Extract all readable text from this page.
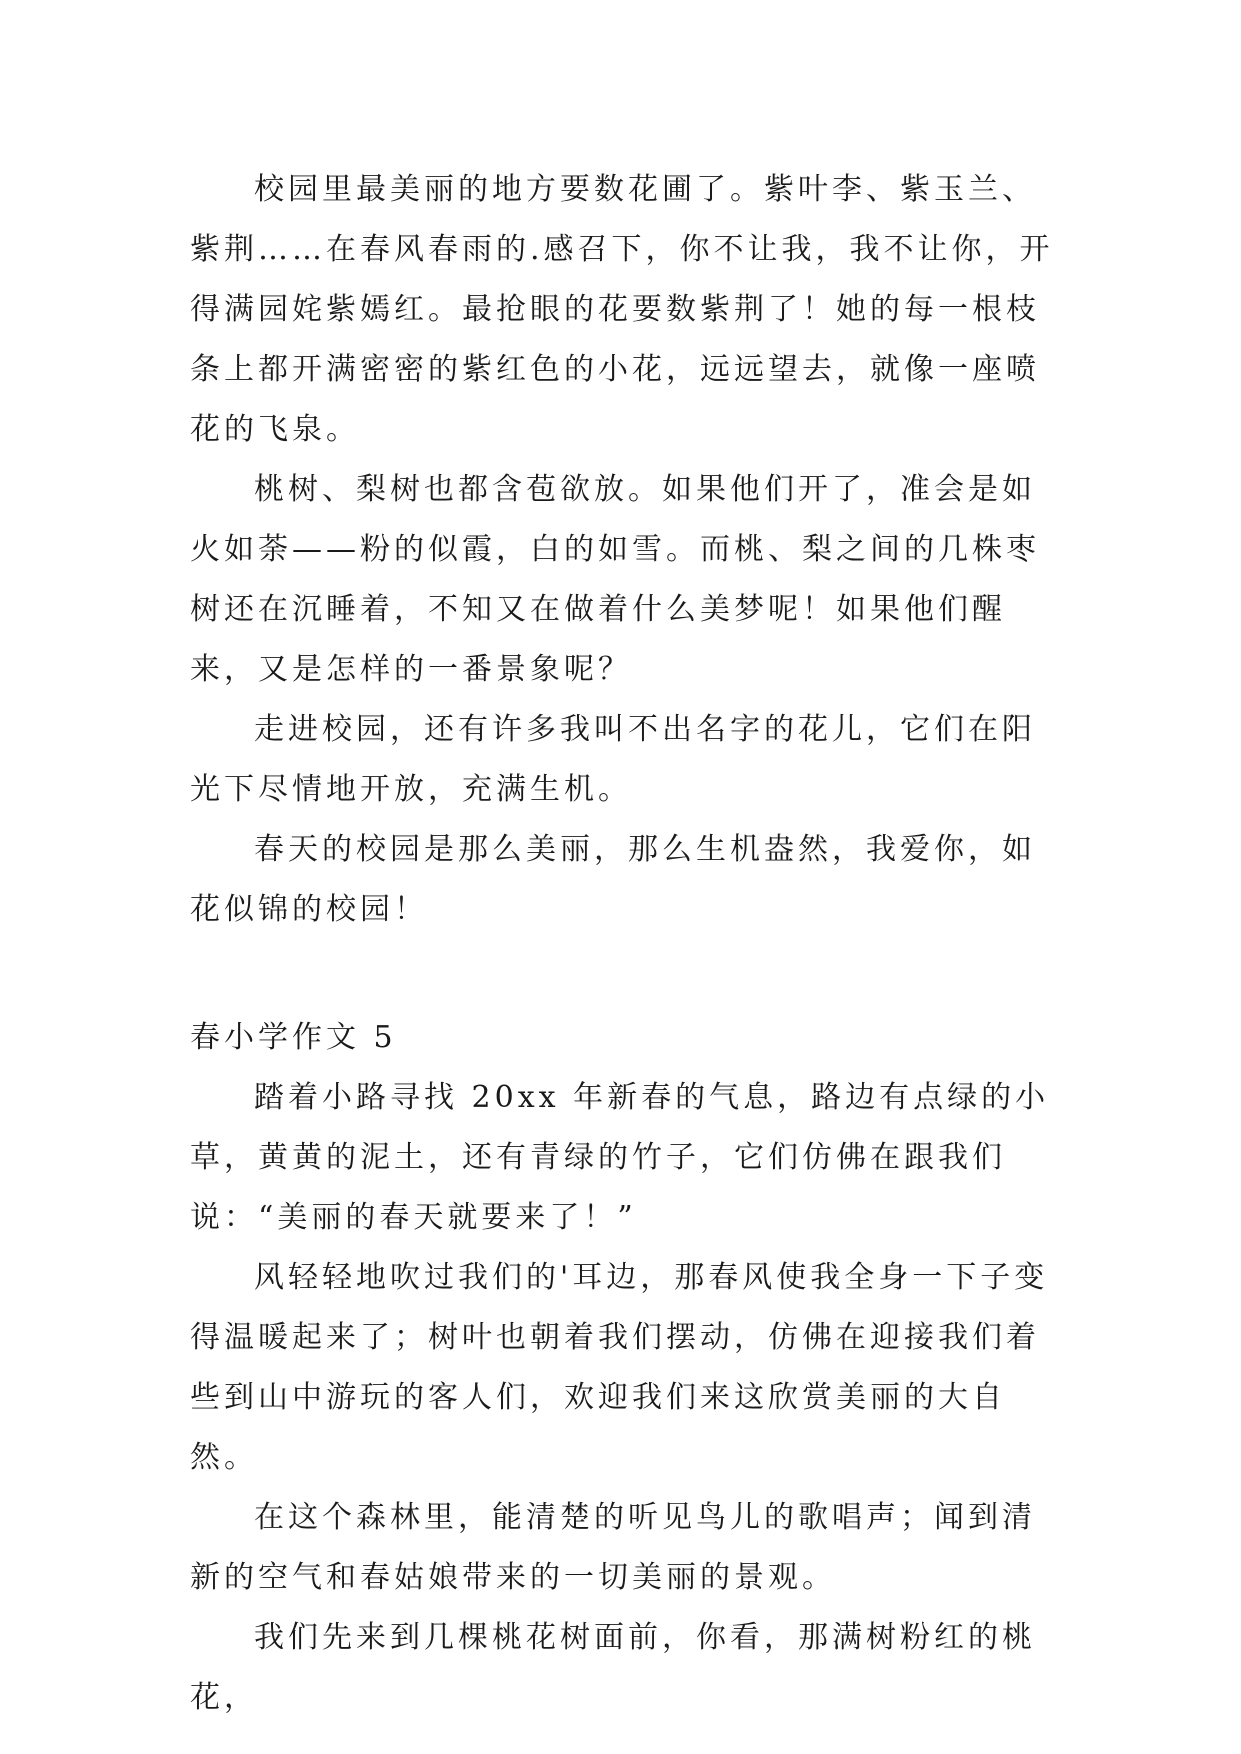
校园里最美丽的地方要数花圃了。紫叶李、紫玉兰、紫荆……在春风春雨的.感召下，你不让我，我不让你，开得满园姹紫嫣红。最抢眼的花要数紫荆了！她的每一根枝条上都开满密密的紫红色的小花，远远望去，就像一座喷花的飞泉。

桃树、梨树也都含苞欲放。如果他们开了，准会是如火如荼——粉的似霞，白的如雪。而桃、梨之间的几株枣树还在沉睡着，不知又在做着什么美梦呢！如果他们醒来，又是怎样的一番景象呢？

走进校园，还有许多我叫不出名字的花儿，它们在阳光下尽情地开放，充满生机。

春天的校园是那么美丽，那么生机盎然，我爱你，如花似锦的校园！

春小学作文 5

踏着小路寻找 20xx 年新春的气息，路边有点绿的小草，黄黄的泥土，还有青绿的竹子，它们仿佛在跟我们说：“美丽的春天就要来了！”

风轻轻地吹过我们的'耳边，那春风使我全身一下子变得温暖起来了；树叶也朝着我们摆动，仿佛在迎接我们着些到山中游玩的客人们，欢迎我们来这欣赏美丽的大自然。

在这个森林里，能清楚的听见鸟儿的歌唱声；闻到清新的空气和春姑娘带来的一切美丽的景观。

我们先来到几棵桃花树面前，你看，那满树粉红的桃花，
